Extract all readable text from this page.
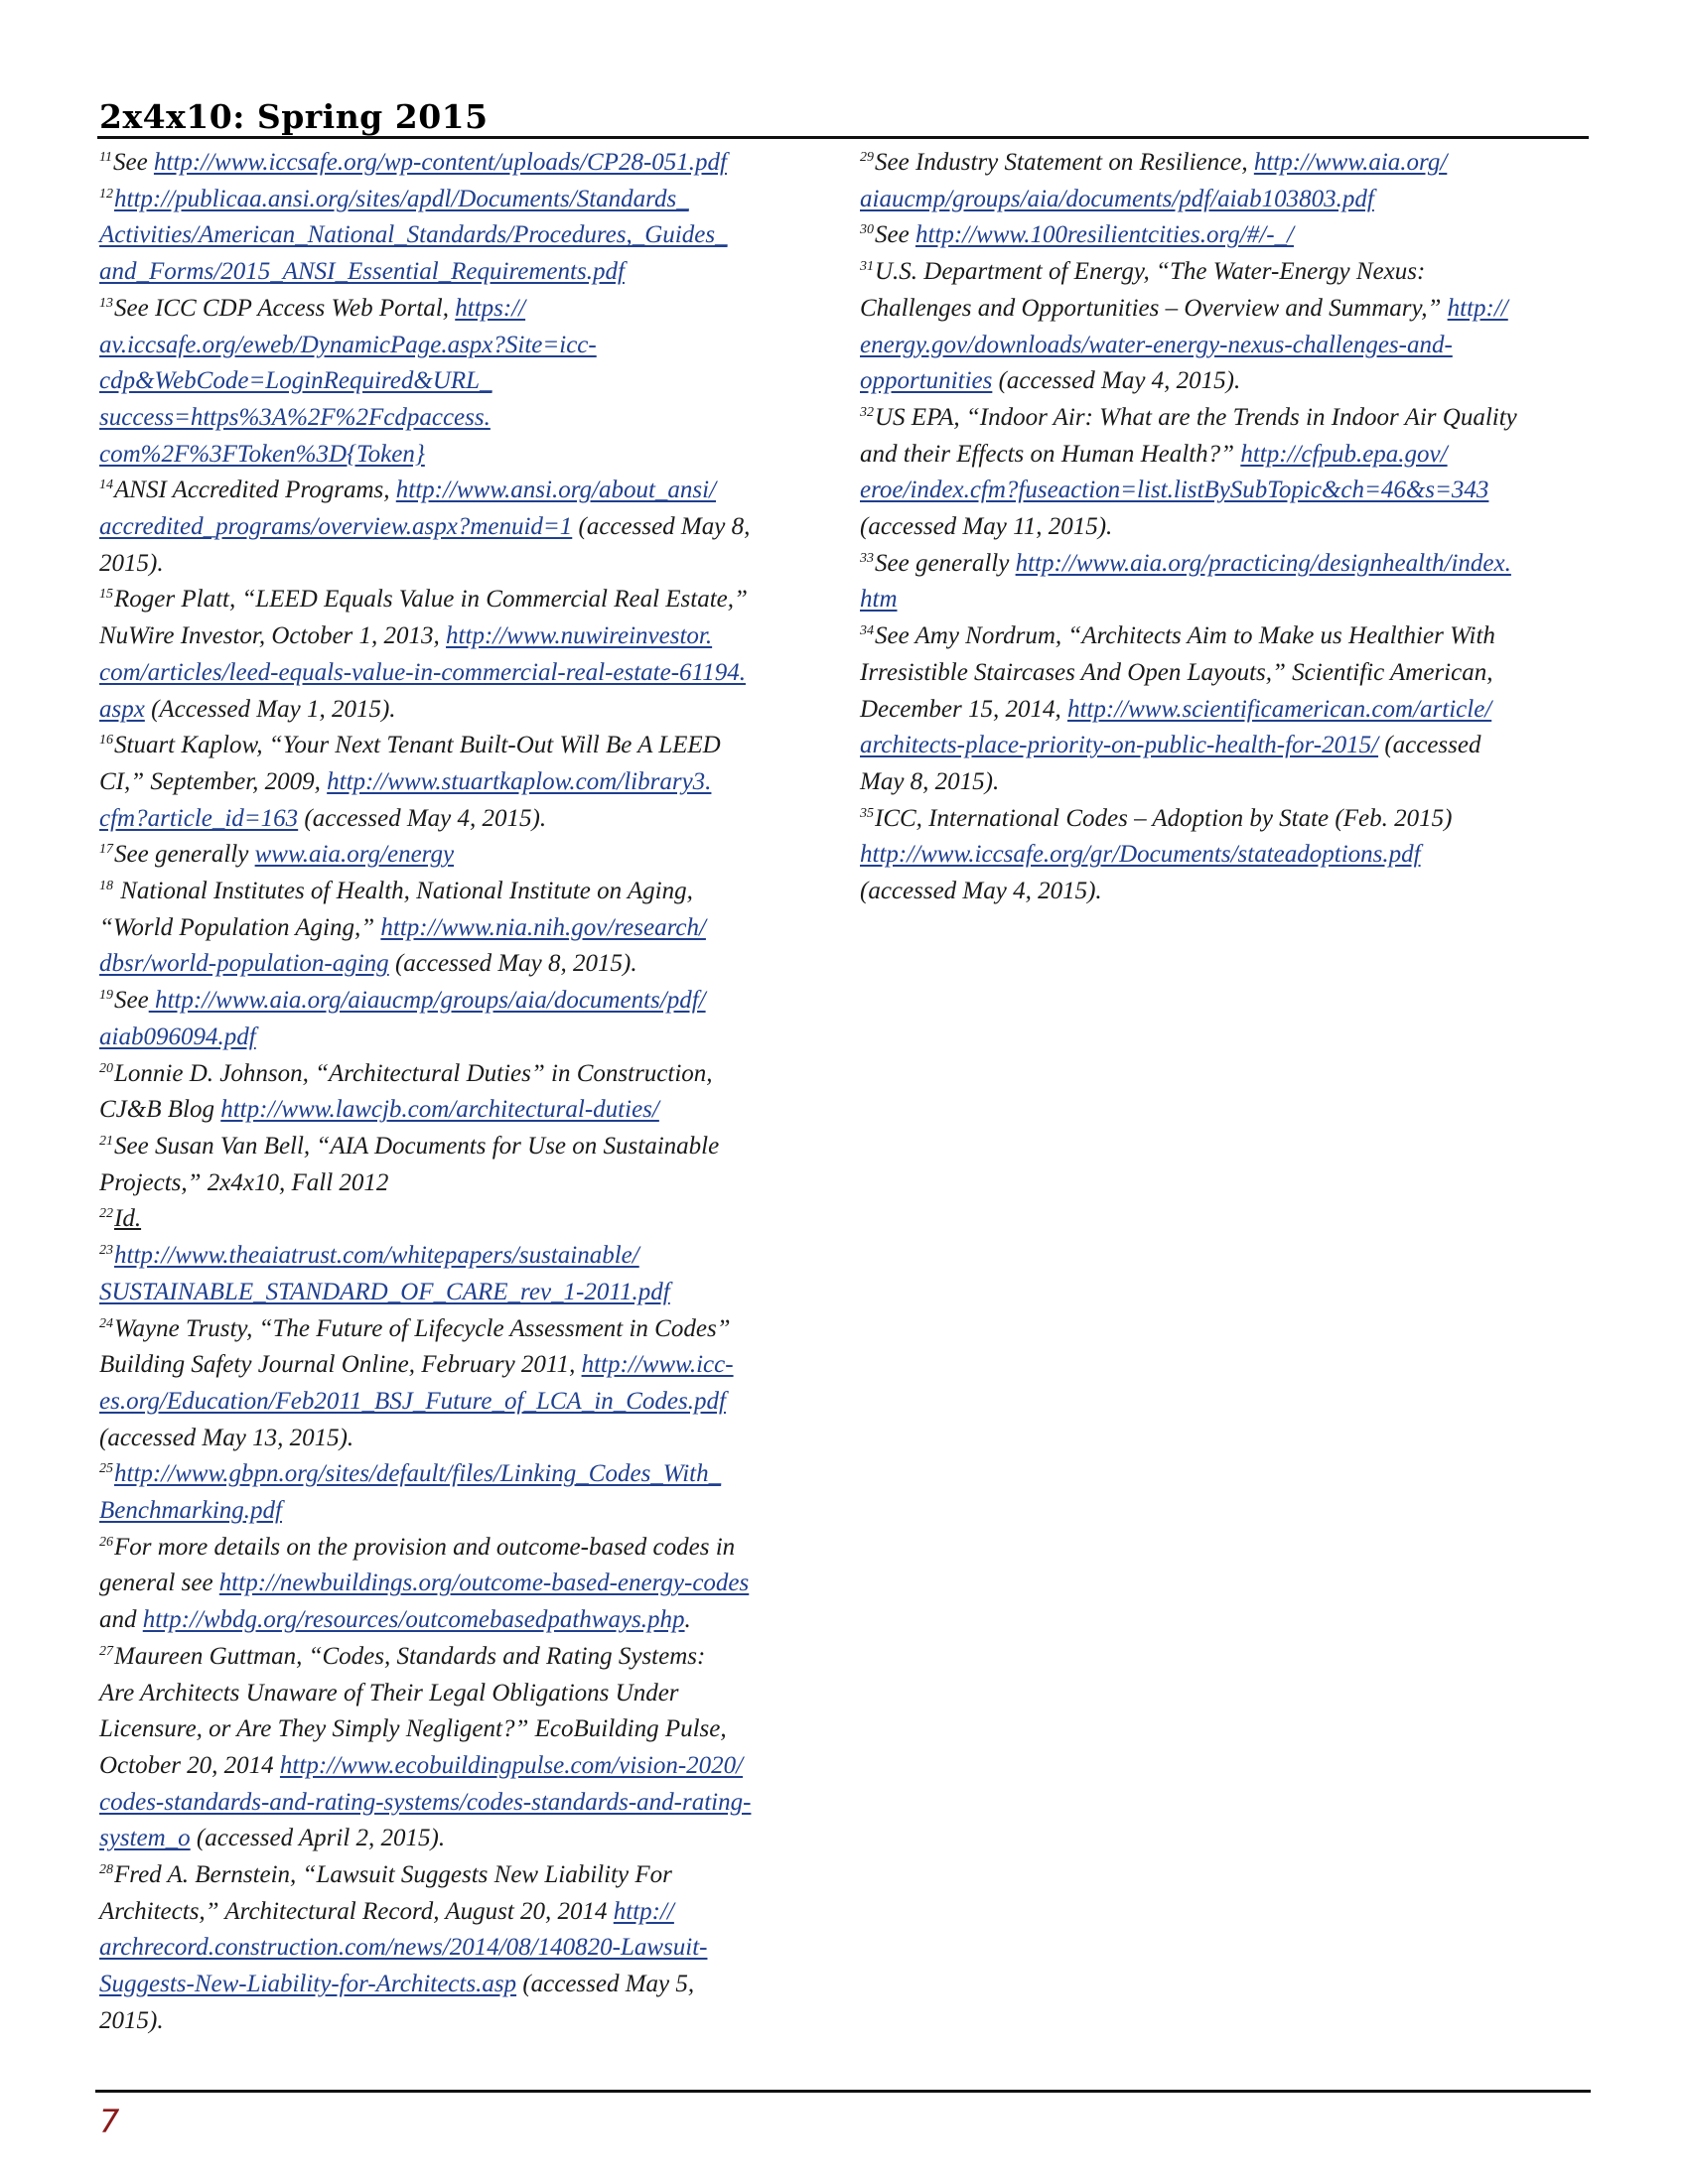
2x4x10: Spring 2015
$^{11}$See http://www.iccsafe.org/wp-content/uploads/CP28-051.pdf
$^{12}$http://publicaa.ansi.org/sites/apdl/Documents/Standards_
Activities/American_National_Standards/Procedures,_Guides_
and_Forms/2015_ANSI_Essential_Requirements.pdf
$^{13}$See ICC CDP Access Web Portal, https://
av.iccsafe.org/eweb/DynamicPage.aspx?Site=icc-
cdp&WebCode=LoginRequired&URL_
success=https%3A%2F%2Fcdpaccess.
com%2F%3FToken%3D{Token}
$^{14}$ANSI Accredited Programs, http://www.ansi.org/about_ansi/
accredited_programs/overview.aspx?menuid=1 (accessed May 8,
2015).
$^{15}$Roger Platt, “LEED Equals Value in Commercial Real Estate,”
NuWire Investor, October 1, 2013, http://www.nuwireinvestor.
com/articles/leed-equals-value-in-commercial-real-estate-61194.
aspx (Accessed May 1, 2015).
$^{16}$Stuart Kaplow, “Your Next Tenant Built-Out Will Be A LEED
CI,” September, 2009, http://www.stuartkaplow.com/library3.
cfm?article_id=163 (accessed May 4, 2015).
$^{17}$See generally www.aia.org/energy
$^{18}$ National Institutes of Health, National Institute on Aging,
“World Population Aging,” http://www.nia.nih.gov/research/
dbsr/world-population-aging (accessed May 8, 2015).
$^{19}$See http://www.aia.org/aiaucmp/groups/aia/documents/pdf/
aiab096094.pdf
$^{20}$Lonnie D. Johnson, “Architectural Duties” in Construction,
CJ&B Blog http://www.lawcjb.com/architectural-duties/
$^{21}$See Susan Van Bell, “AIA Documents for Use on Sustainable
Projects,” 2x4x10, Fall 2012
$^{22}$Id.
$^{23}$http://www.theaiatrust.com/whitepapers/sustainable/
SUSTAINABLE_STANDARD_OF_CARE_rev_1-2011.pdf
$^{24}$Wayne Trusty, “The Future of Lifecycle Assessment in Codes”
Building Safety Journal Online, February 2011, http://www.icc-
es.org/Education/Feb2011_BSJ_Future_of_LCA_in_Codes.pdf
(accessed May 13, 2015).
$^{25}$http://www.gbpn.org/sites/default/files/Linking_Codes_With_
Benchmarking.pdf
$^{26}$For more details on the provision and outcome-based codes in
general see http://newbuildings.org/outcome-based-energy-codes
and http://wbdg.org/resources/outcomebasedpathways.php.
$^{27}$Maureen Guttman, “Codes, Standards and Rating Systems:
Are Architects Unaware of Their Legal Obligations Under
Licensure, or Are They Simply Negligent?” EcoBuilding Pulse,
October 20, 2014 http://www.ecobuildingpulse.com/vision-2020/
codes-standards-and-rating-systems/codes-standards-and-rating-
system_o (accessed April 2, 2015).
$^{28}$Fred A. Bernstein, “Lawsuit Suggests New Liability For
Architects,” Architectural Record, August 20, 2014 http://
archrecord.construction.com/news/2014/08/140820-Lawsuit-
Suggests-New-Liability-for-Architects.asp (accessed May 5,
2015).
$^{29}$See Industry Statement on Resilience, http://www.aia.org/
aiaucmp/groups/aia/documents/pdf/aiab103803.pdf
$^{30}$See http://www.100resilientcities.org/#/-_/
$^{31}$U.S. Department of Energy, “The Water-Energy Nexus:
Challenges and Opportunities – Overview and Summary,” http://
energy.gov/downloads/water-energy-nexus-challenges-and-
opportunities (accessed May 4, 2015).
$^{32}$US EPA, “Indoor Air: What are the Trends in Indoor Air Quality
and their Effects on Human Health?” http://cfpub.epa.gov/
eroe/index.cfm?fuseaction=list.listBySubTopic&ch=46&s=343
(accessed May 11, 2015).
$^{33}$See generally http://www.aia.org/practicing/designhealth/index.
htm
$^{34}$See Amy Nordrum, “Architects Aim to Make us Healthier With
Irresistible Staircases And Open Layouts,” Scientific American,
December 15, 2014, http://www.scientificamerican.com/article/
architects-place-priority-on-public-health-for-2015/ (accessed
May 8, 2015).
$^{35}$ICC, International Codes – Adoption by State (Feb. 2015)
http://www.iccsafe.org/gr/Documents/stateadoptions.pdf
(accessed May 4, 2015).
7
